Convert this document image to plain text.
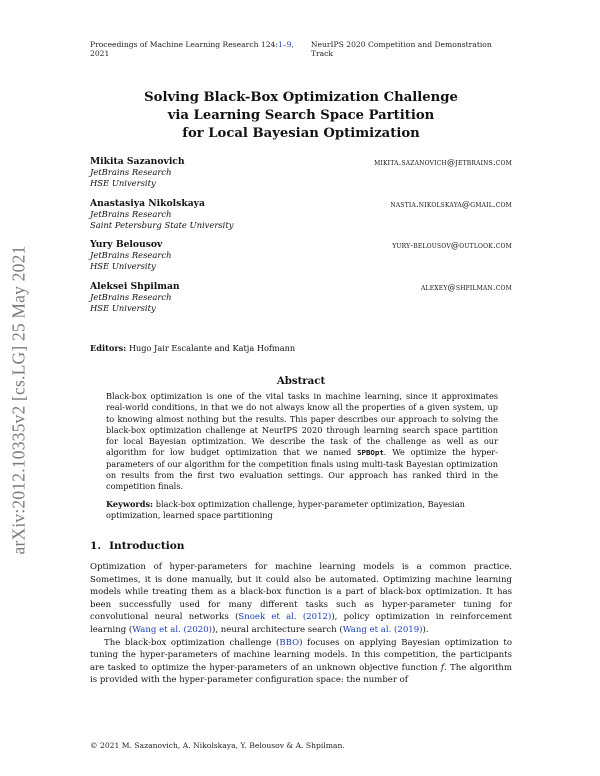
Proceedings of Machine Learning Research 124:1–9, 2021
NeurIPS 2020 Competition and Demonstration Track
arXiv:2012.10335v2 [cs.LG] 25 May 2021
Solving Black-Box Optimization Challenge
via Learning Search Space Partition
for Local Bayesian Optimization
Mikita Sazanovich	mikita.sazanovich@jetbrains.com
JetBrains Research
HSE University
Anastasiya Nikolskaya	nastia.nikolskaya@gmail.com
JetBrains Research
Saint Petersburg State University
Yury Belousov	yury-belousov@outlook.com
JetBrains Research
HSE University
Aleksei Shpilman	alexey@shpilman.com
JetBrains Research
HSE University
Editors: Hugo Jair Escalante and Katja Hofmann
Abstract
Black-box optimization is one of the vital tasks in machine learning, since it approximates real-world conditions, in that we do not always know all the properties of a given system, up to knowing almost nothing but the results. This paper describes our approach to solving the black-box optimization challenge at NeurIPS 2020 through learning search space partition for local Bayesian optimization. We describe the task of the challenge as well as our algorithm for low budget optimization that we named SPBOpt. We optimize the hyper-parameters of our algorithm for the competition finals using multi-task Bayesian optimization on results from the first two evaluation settings. Our approach has ranked third in the competition finals.
Keywords: black-box optimization challenge, hyper-parameter optimization, Bayesian optimization, learned space partitioning
1. Introduction

Optimization of hyper-parameters for machine learning models is a common practice. Sometimes, it is done manually, but it could also be automated. Optimizing machine learning models while treating them as a black-box function is a part of black-box optimization. It has been successfully used for many different tasks such as hyper-parameter tuning for convolutional neural networks (Snoek et al. (2012)), policy optimization in reinforcement learning (Wang et al. (2020)), neural architecture search (Wang et al. (2019)).

The black-box optimization challenge (BBO) focuses on applying Bayesian optimization to tuning the hyper-parameters of machine learning models. In this competition, the participants are tasked to optimize the hyper-parameters of an unknown objective function f. The algorithm is provided with the hyper-parameter configuration space: the number of

© 2021 M. Sazanovich, A. Nikolskaya, Y. Belousov & A. Shpilman.
